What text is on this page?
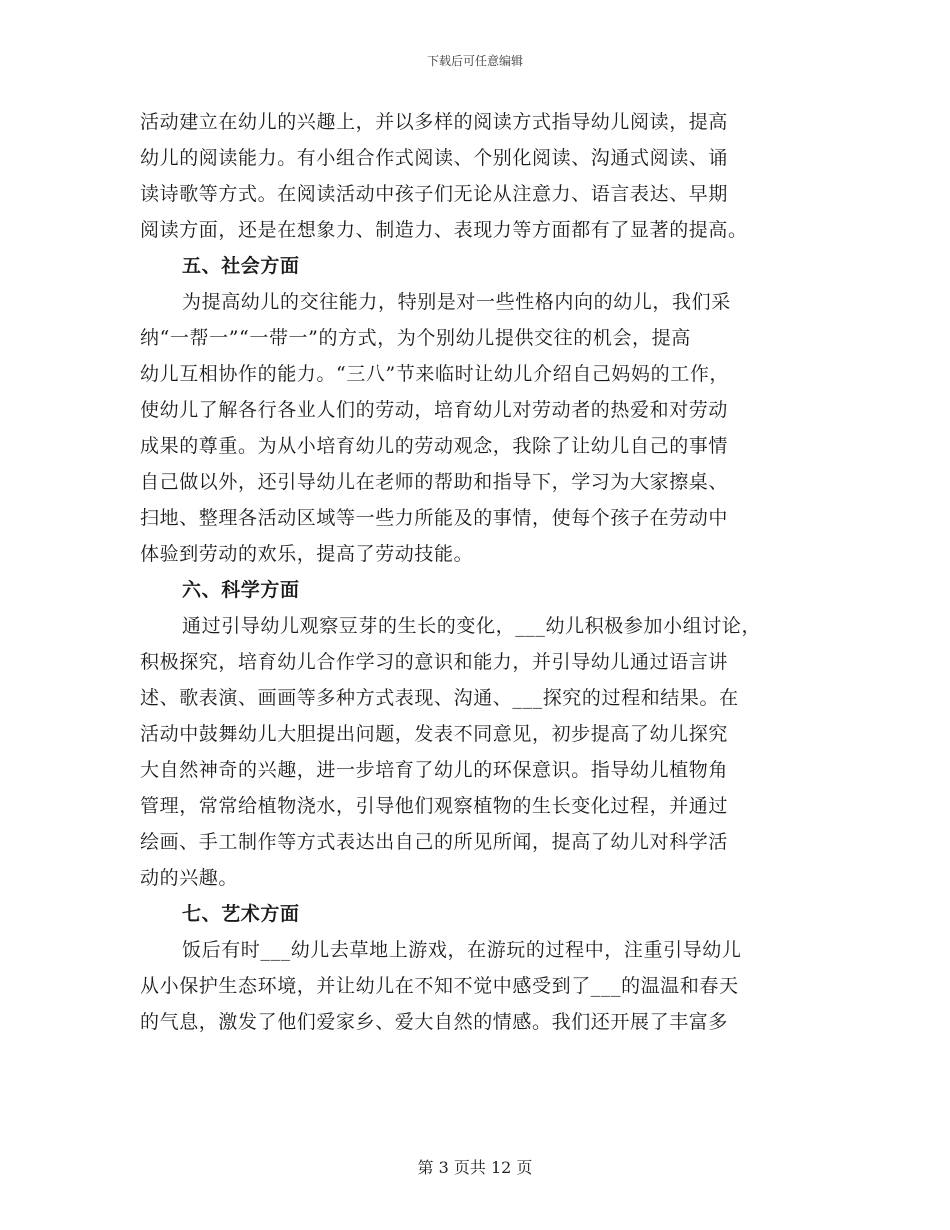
下载后可任意编辑
活动建立在幼儿的兴趣上，并以多样的阅读方式指导幼儿阅读，提高
幼儿的阅读能力。有小组合作式阅读、个别化阅读、沟通式阅读、诵
读诗歌等方式。在阅读活动中孩子们无论从注意力、语言表达、早期
阅读方面，还是在想象力、制造力、表现力等方面都有了显著的提高。
五、社会方面
为提高幼儿的交往能力，特别是对一些性格内向的幼儿，我们采
纳“一帮一”“一带一”的方式，为个别幼儿提供交往的机会，提高
幼儿互相协作的能力。“三八”节来临时让幼儿介绍自己妈妈的工作，
使幼儿了解各行各业人们的劳动，培育幼儿对劳动者的热爱和对劳动
成果的尊重。为从小培育幼儿的劳动观念，我除了让幼儿自己的事情
自己做以外，还引导幼儿在老师的帮助和指导下，学习为大家擦桌、
扫地、整理各活动区域等一些力所能及的事情，使每个孩子在劳动中
体验到劳动的欢乐，提高了劳动技能。
六、科学方面
通过引导幼儿观察豆芽的生长的变化，___幼儿积极参加小组讨论，
积极探究，培育幼儿合作学习的意识和能力，并引导幼儿通过语言讲
述、歌表演、画画等多种方式表现、沟通、___探究的过程和结果。在
活动中鼓舞幼儿大胆提出问题，发表不同意见，初步提高了幼儿探究
大自然神奇的兴趣，进一步培育了幼儿的环保意识。指导幼儿植物角
管理，常常给植物浇水，引导他们观察植物的生长变化过程，并通过
绘画、手工制作等方式表达出自己的所见所闻，提高了幼儿对科学活
动的兴趣。
七、艺术方面
饭后有时___幼儿去草地上游戏，在游玩的过程中，注重引导幼儿
从小保护生态环境，并让幼儿在不知不觉中感受到了___的温温和春天
的气息，激发了他们爱家乡、爱大自然的情感。我们还开展了丰富多
第 3 页共 12 页
